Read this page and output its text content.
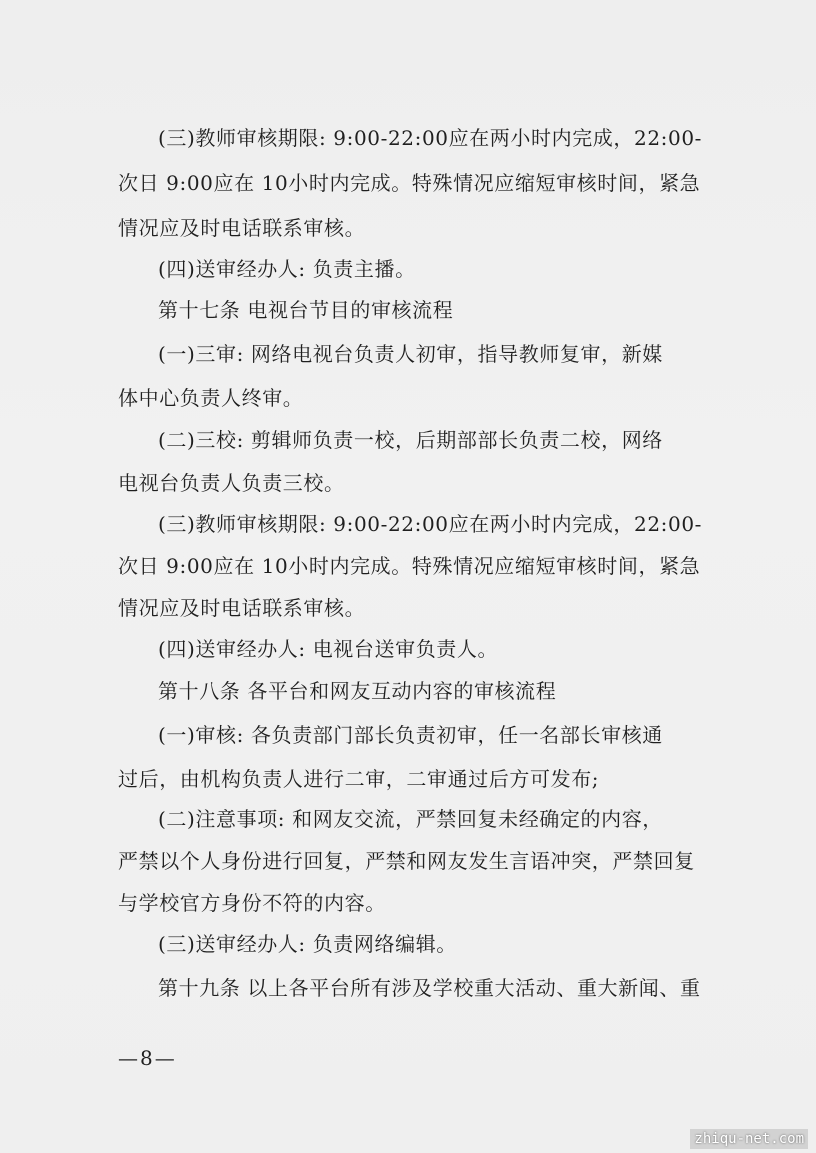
(三)教师审核期限: 9:00-22:00应在两小时内完成，22:00-
次日 9:00应在 10小时内完成。特殊情况应缩短审核时间，紧急
情况应及时电话联系审核。
(四)送审经办人: 负责主播。
第十七条 电视台节目的审核流程
(一)三审: 网络电视台负责人初审，指导教师复审，新媒
体中心负责人终审。
(二)三校: 剪辑师负责一校，后期部部长负责二校，网络
电视台负责人负责三校。
(三)教师审核期限: 9:00-22:00应在两小时内完成，22:00-
次日 9:00应在 10小时内完成。特殊情况应缩短审核时间，紧急
情况应及时电话联系审核。
(四)送审经办人: 电视台送审负责人。
第十八条 各平台和网友互动内容的审核流程
(一)审核: 各负责部门部长负责初审，任一名部长审核通
过后，由机构负责人进行二审，二审通过后方可发布;
(二)注意事项: 和网友交流，严禁回复未经确定的内容，
严禁以个人身份进行回复，严禁和网友发生言语冲突，严禁回复
与学校官方身份不符的内容。
(三)送审经办人: 负责网络编辑。
第十九条 以上各平台所有涉及学校重大活动、重大新闻、重
—8—
zhiqu-net.com
